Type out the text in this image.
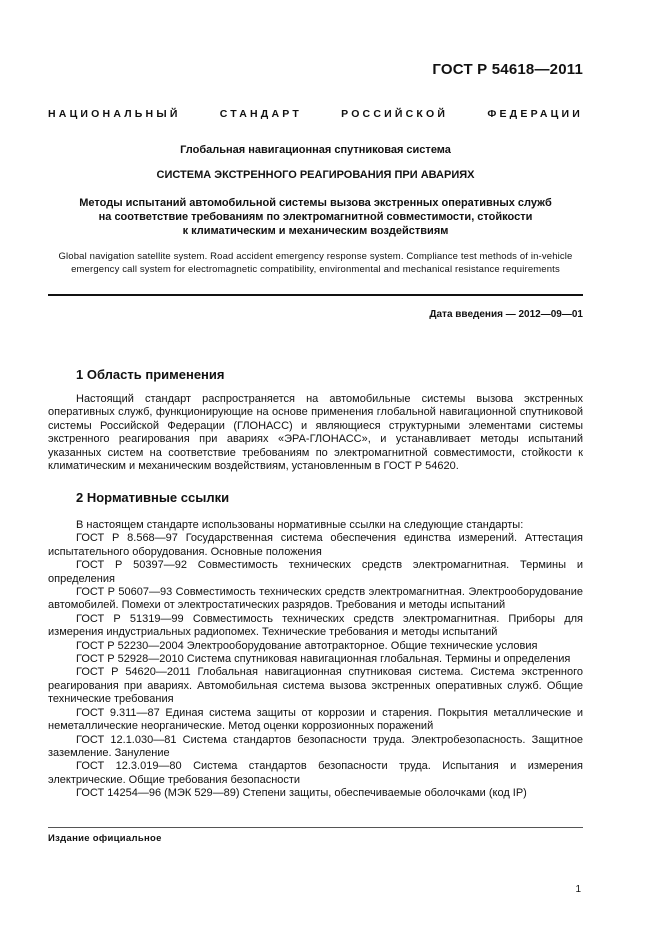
ГОСТ Р 54618—2011
НАЦИОНАЛЬНЫЙ СТАНДАРТ РОССИЙСКОЙ ФЕДЕРАЦИИ
Глобальная навигационная спутниковая система
СИСТЕМА ЭКСТРЕННОГО РЕАГИРОВАНИЯ ПРИ АВАРИЯХ
Методы испытаний автомобильной системы вызова экстренных оперативных служб
на соответствие требованиям по электромагнитной совместимости, стойкости
к климатическим и механическим воздействиям
Global navigation satellite system. Road accident emergency response system. Compliance test methods of in-vehicle
emergency call system for electromagnetic compatibility, environmental and mechanical resistance requirements
Дата введения — 2012—09—01
1 Область применения
Настоящий стандарт распространяется на автомобильные системы вызова экстренных оперативных служб, функционирующие на основе применения глобальной навигационной спутниковой системы Российской Федерации (ГЛОНАСС) и являющиеся структурными элементами системы экстренного реагирования при авариях «ЭРА-ГЛОНАСС», и устанавливает методы испытаний указанных систем на соответствие требованиям по электромагнитной совместимости, стойкости к климатическим и механическим воздействиям, установленным в ГОСТ Р 54620.
2 Нормативные ссылки
В настоящем стандарте использованы нормативные ссылки на следующие стандарты:
ГОСТ Р 8.568—97 Государственная система обеспечения единства измерений. Аттестация испытательного оборудования. Основные положения
ГОСТ Р 50397—92 Совместимость технических средств электромагнитная. Термины и определения
ГОСТ Р 50607—93 Совместимость технических средств электромагнитная. Электрооборудование автомобилей. Помехи от электростатических разрядов. Требования и методы испытаний
ГОСТ Р 51319—99 Совместимость технических средств электромагнитная. Приборы для измерения индустриальных радиопомех. Технические требования и методы испытаний
ГОСТ Р 52230—2004 Электрооборудование автотракторное. Общие технические условия
ГОСТ Р 52928—2010 Система спутниковая навигационная глобальная. Термины и определения
ГОСТ Р 54620—2011 Глобальная навигационная спутниковая система. Система экстренного реагирования при авариях. Автомобильная система вызова экстренных оперативных служб. Общие технические требования
ГОСТ 9.311—87 Единая система защиты от коррозии и старения. Покрытия металлические и неметаллические неорганические. Метод оценки коррозионных поражений
ГОСТ 12.1.030—81 Система стандартов безопасности труда. Электробезопасность. Защитное заземление. Зануление
ГОСТ 12.3.019—80 Система стандартов безопасности труда. Испытания и измерения электрические. Общие требования безопасности
ГОСТ 14254—96 (МЭК 529—89) Степени защиты, обеспечиваемые оболочками (код IP)
Издание официальное
1
